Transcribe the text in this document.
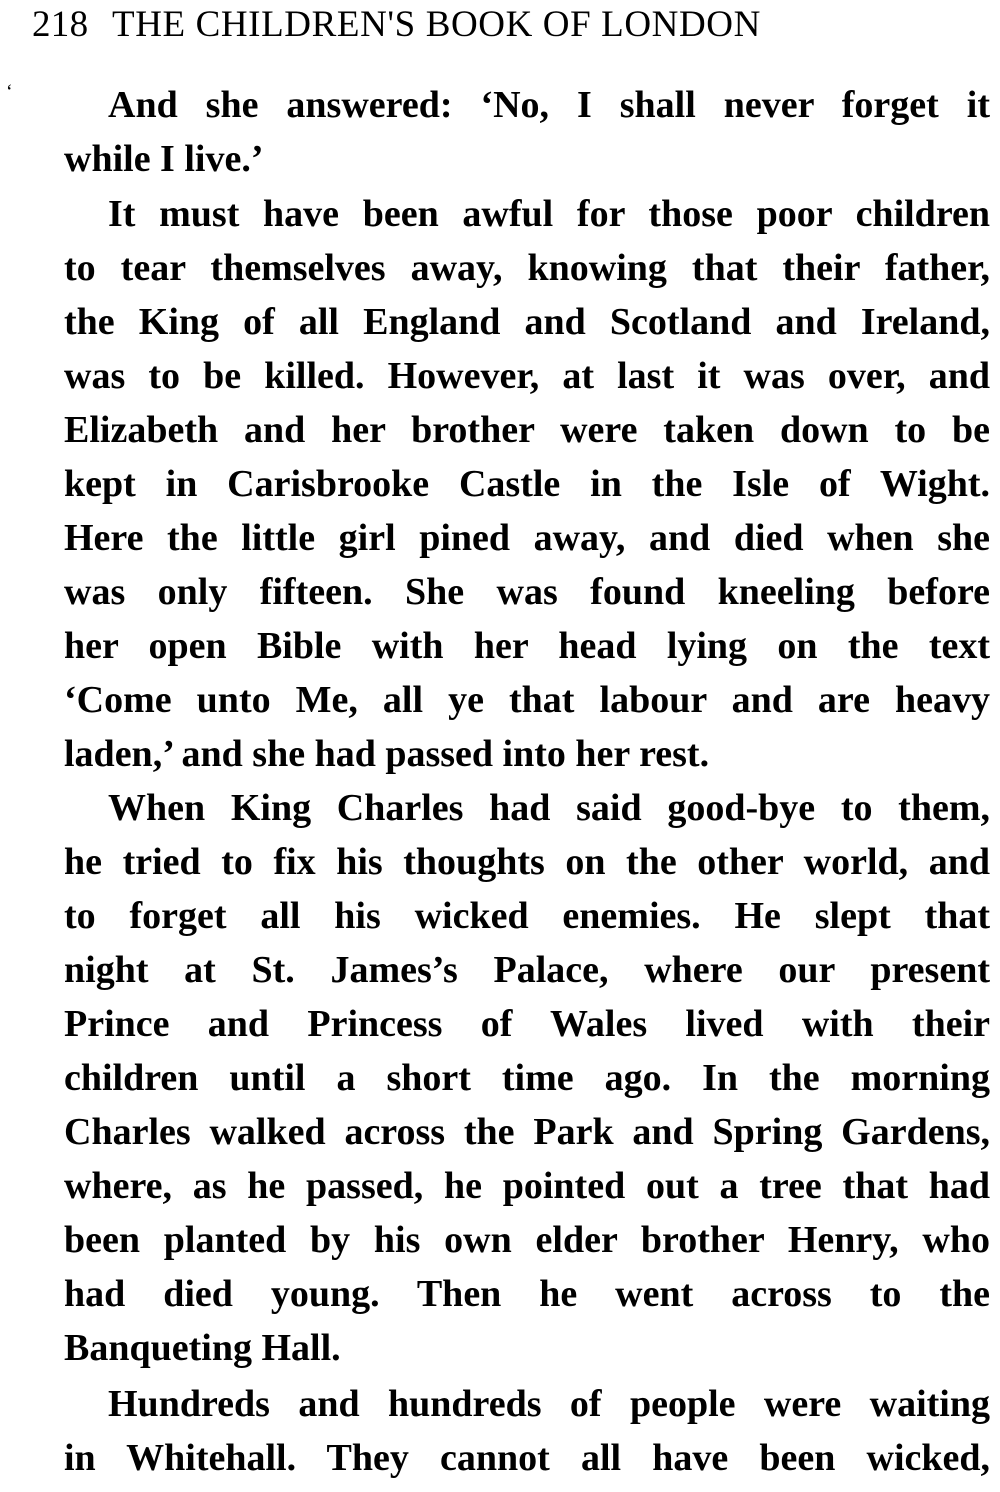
218 THE CHILDREN'S BOOK OF LONDON
ʻ	And she answered: ‘No, I shall never forget it
while I live.’
It must have been awful for those poor children
to tear themselves away, knowing that their father,
the King of all England and Scotland and Ireland,
was to be killed. However, at last it was over, and
Elizabeth and her brother were taken down to be
kept in Carisbrooke Castle in the Isle of Wight.
Here the little girl pined away, and died when she
was only fifteen. She was found kneeling before
her open Bible with her head lying on the text
‘Come unto Me, all ye that labour and are heavy
laden,’ and she had passed into her rest.
When King Charles had said good-bye to them,
he tried to fix his thoughts on the other world, and
to forget all his wicked enemies. He slept that
night at St. James’s Palace, where our present
Prince and Princess of Wales lived with their
children until a short time ago. In the morning
Charles walked across the Park and Spring Gardens,
where, as he passed, he pointed out a tree that had
been planted by his own elder brother Henry, who
had died young. Then he went across to the
Banqueting Hall.
Hundreds and hundreds of people were waiting
in Whitehall. They cannot all have been wicked,
